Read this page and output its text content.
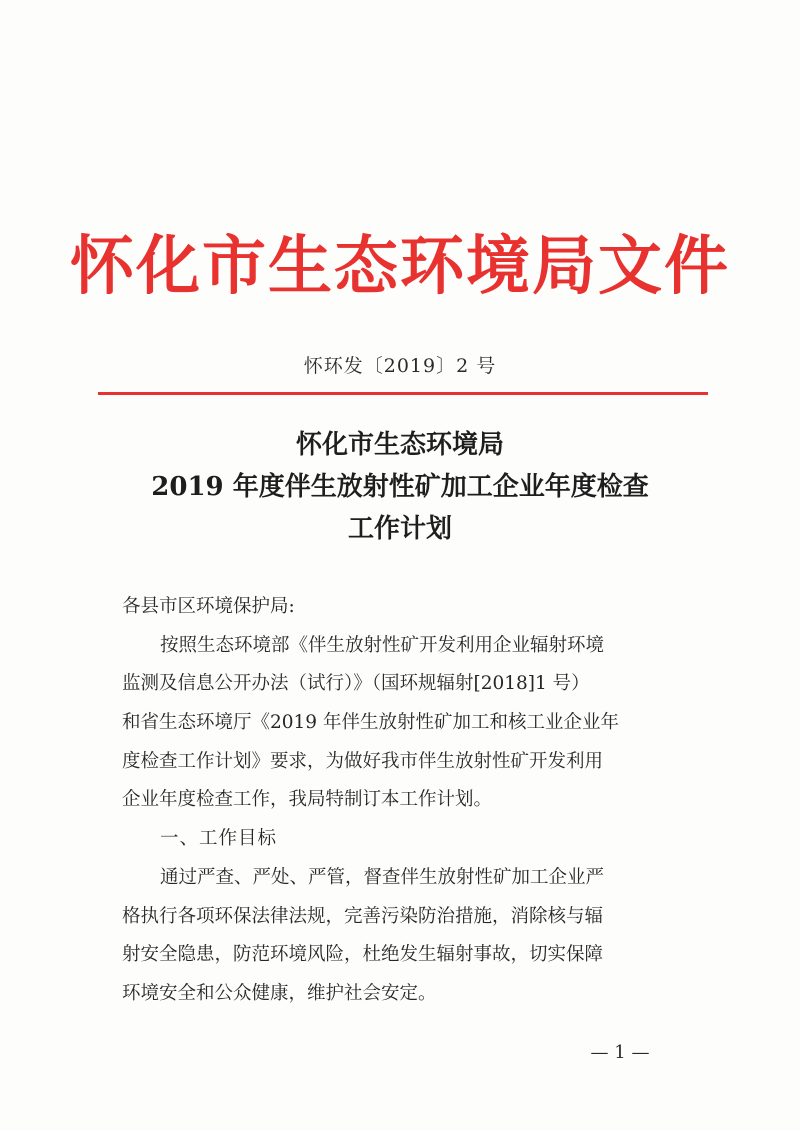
怀化市生态环境局文件
怀环发〔2019〕2 号
怀化市生态环境局
2019 年度伴生放射性矿加工企业年度检查
工作计划
各县市区环境保护局:
按照生态环境部《伴生放射性矿开发利用企业辐射环境
监测及信息公开办法（试行）》（国环规辐射[2018]1 号）
和省生态环境厅《2019 年伴生放射性矿加工和核工业企业年
度检查工作计划》要求，为做好我市伴生放射性矿开发利用
企业年度检查工作，我局特制订本工作计划。
一、工作目标
通过严查、严处、严管，督查伴生放射性矿加工企业严
格执行各项环保法律法规，完善污染防治措施，消除核与辐
射安全隐患，防范环境风险，杜绝发生辐射事故，切实保障
环境安全和公众健康，维护社会安定。
— 1 —
